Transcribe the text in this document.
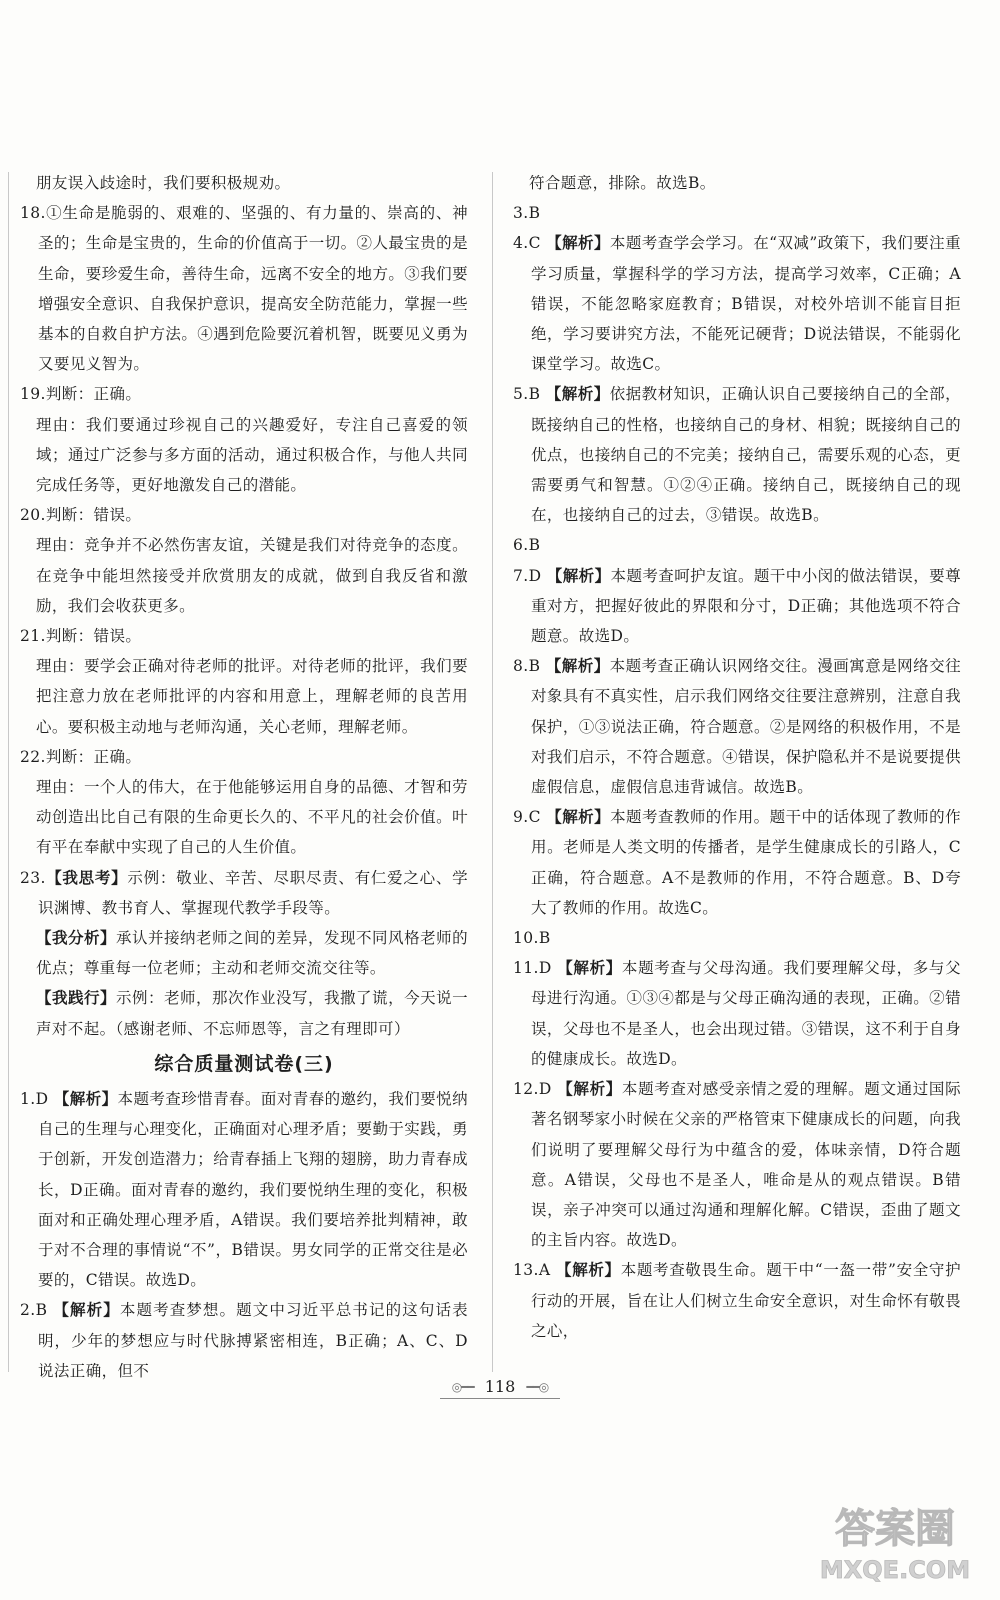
朋友误入歧途时，我们要积极规劝。

18.①生命是脆弱的、艰难的、坚强的、有力量的、崇高的、神圣的；生命是宝贵的，生命的价值高于一切。②人最宝贵的是生命，要珍爱生命，善待生命，远离不安全的地方。③我们要增强安全意识、自我保护意识，提高安全防范能力，掌握一些基本的自救自护方法。④遇到危险要沉着机智，既要见义勇为又要见义智为。

19.判断：正确。

理由：我们要通过珍视自己的兴趣爱好，专注自己喜爱的领域；通过广泛参与多方面的活动，通过积极合作，与他人共同完成任务等，更好地激发自己的潜能。

20.判断：错误。

理由：竞争并不必然伤害友谊，关键是我们对待竞争的态度。在竞争中能坦然接受并欣赏朋友的成就，做到自我反省和激励，我们会收获更多。

21.判断：错误。

理由：要学会正确对待老师的批评。对待老师的批评，我们要把注意力放在老师批评的内容和用意上，理解老师的良苦用心。要积极主动地与老师沟通，关心老师，理解老师。

22.判断：正确。

理由：一个人的伟大，在于他能够运用自身的品德、才智和劳动创造出比自己有限的生命更长久的、不平凡的社会价值。叶有平在奉献中实现了自己的人生价值。

23.【我思考】示例：敬业、辛苦、尽职尽责、有仁爱之心、学识渊博、教书育人、掌握现代教学手段等。

【我分析】承认并接纳老师之间的差异，发现不同风格老师的优点；尊重每一位老师；主动和老师交流交往等。

【我践行】示例：老师，那次作业没写，我撒了谎，今天说一声对不起。（感谢老师、不忘师恩等，言之有理即可）

综合质量测试卷(三)

1.D 【解析】本题考查珍惜青春。面对青春的邀约，我们要悦纳自己的生理与心理变化，正确面对心理矛盾；要勤于实践，勇于创新，开发创造潜力；给青春插上飞翔的翅膀，助力青春成长，D正确。面对青春的邀约，我们要悦纳生理的变化，积极面对和正确处理心理矛盾，A错误。我们要培养批判精神，敢于对不合理的事情说“不”，B错误。男女同学的正常交往是必要的，C错误。故选D。

2.B 【解析】本题考查梦想。题文中习近平总书记的这句话表明，少年的梦想应与时代脉搏紧密相连，B正确；A、C、D说法正确，但不

符合题意，排除。故选B。

3.B

4.C 【解析】本题考查学会学习。在“双减”政策下，我们要注重学习质量，掌握科学的学习方法，提高学习效率，C正确；A错误，不能忽略家庭教育；B错误，对校外培训不能盲目拒绝，学习要讲究方法，不能死记硬背；D说法错误，不能弱化课堂学习。故选C。

5.B 【解析】依据教材知识，正确认识自己要接纳自己的全部，既接纳自己的性格，也接纳自己的身材、相貌；既接纳自己的优点，也接纳自己的不完美；接纳自己，需要乐观的心态，更需要勇气和智慧。①②④正确。接纳自己，既接纳自己的现在，也接纳自己的过去，③错误。故选B。

6.B

7.D 【解析】本题考查呵护友谊。题干中小闵的做法错误，要尊重对方，把握好彼此的界限和分寸，D正确；其他选项不符合题意。故选D。

8.B 【解析】本题考查正确认识网络交往。漫画寓意是网络交往对象具有不真实性，启示我们网络交往要注意辨别，注意自我保护，①③说法正确，符合题意。②是网络的积极作用，不是对我们启示，不符合题意。④错误，保护隐私并不是说要提供虚假信息，虚假信息违背诚信。故选B。

9.C 【解析】本题考查教师的作用。题干中的话体现了教师的作用。老师是人类文明的传播者，是学生健康成长的引路人，C正确，符合题意。A不是教师的作用，不符合题意。B、D夸大了教师的作用。故选C。

10.B

11.D 【解析】本题考查与父母沟通。我们要理解父母，多与父母进行沟通。①③④都是与父母正确沟通的表现，正确。②错误，父母也不是圣人，也会出现过错。③错误，这不利于自身的健康成长。故选D。

12.D 【解析】本题考查对感受亲情之爱的理解。题文通过国际著名钢琴家小时候在父亲的严格管束下健康成长的问题，向我们说明了要理解父母行为中蕴含的爱，体味亲情，D符合题意。A错误，父母也不是圣人，唯命是从的观点错误。B错误，亲子冲突可以通过沟通和理解化解。C错误，歪曲了题文的主旨内容。故选D。

13.A 【解析】本题考查敬畏生命。题干中“一盔一带”安全守护行动的开展，旨在让人们树立生命安全意识，对生命怀有敬畏之心，

◎━━ 118 ━━◎
答案圈
MXQE.COM
